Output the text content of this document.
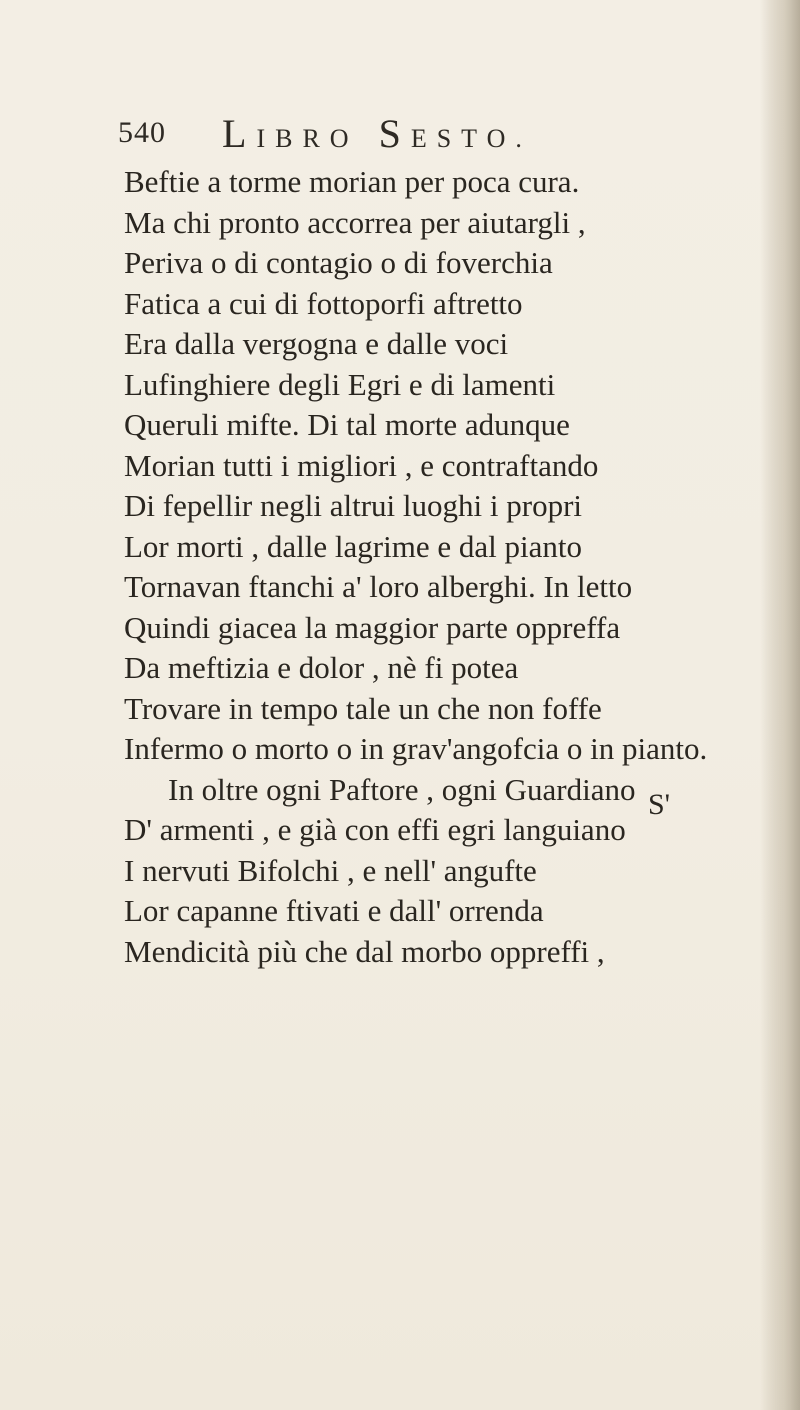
540 LIBRO SESTO.
Beftie a torme morian per poca cura.
Ma chi pronto accorrea per aiutargli ,
Periva o di contagio o di foverchia
Fatica a cui di fottoporfi aftretto
Era dalla vergogna e dalle voci
Lufinghiere degli Egri e di lamenti
Queruli mifte. Di tal morte adunque
Morian tutti i migliori , e contraftando
Di fepellir negli altrui luoghi i propri
Lor morti , dalle lagrime e dal pianto
Tornavan ftanchi a' loro alberghi. In letto
Quindi giacea la maggior parte oppreffa
Da meftizia e dolor , nè fi potea
Trovare in tempo tale un che non foffe
Infermo o morto o in grav'angofcia o in pianto.
In oltre ogni Paftore , ogni Guardiano
D' armenti , e già con effi egri languiano
I nervuti Bifolchi , e nell' angufte
Lor capanne ftivati e dall' orrenda
Mendicità più che dal morbo oppreffi ,
S'
